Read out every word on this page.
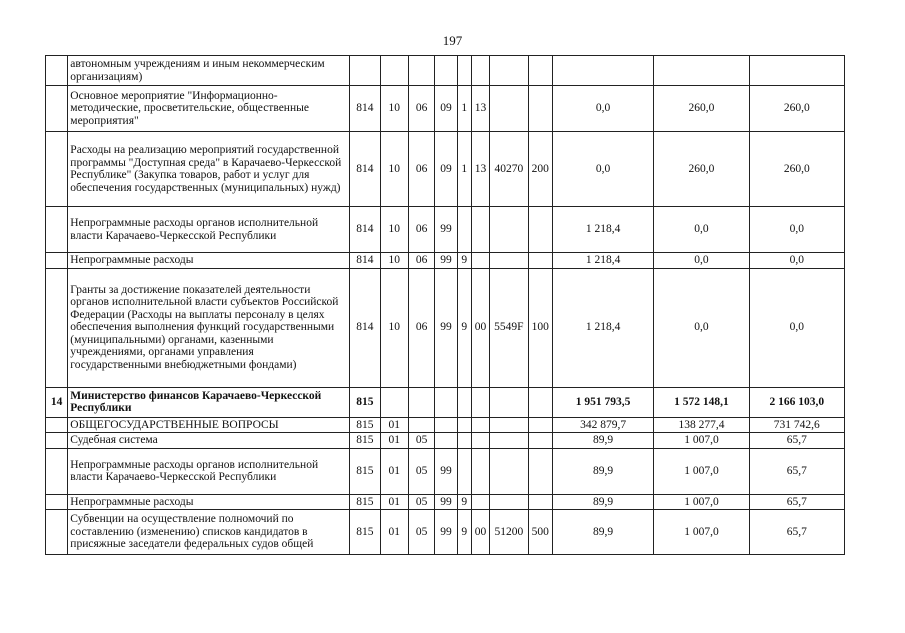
197
	автономным учреждениям и иным некоммерческим организациям)											
	Основное мероприятие "Информационно-методические, просветительские, общественные мероприятия"	814	10	06	09	1	13			0,0	260,0	260,0
	Расходы на реализацию мероприятий государственной программы "Доступная среда" в Карачаево-Черкесской Республике" (Закупка товаров, работ и услуг для обеспечения государственных (муниципальных) нужд)	814	10	06	09	1	13	40270	200	0,0	260,0	260,0
	Непрограммные расходы органов исполнительной власти Карачаево-Черкесской Республики	814	10	06	99					1 218,4	0,0	0,0
	Непрограммные расходы	814	10	06	99	9				1 218,4	0,0	0,0
	Гранты за достижение показателей деятельности органов исполнительной власти субъектов Российской Федерации (Расходы на выплаты персоналу в целях обеспечения выполнения функций государственными (муниципальными) органами, казенными учреждениями, органами управления государственными внебюджетными фондами)	814	10	06	99	9	00	5549F	100	1 218,4	0,0	0,0
14	Министерство финансов Карачаево-Черкесской Республики	815								1 951 793,5	1 572 148,1	2 166 103,0
	ОБЩЕГОСУДАРСТВЕННЫЕ ВОПРОСЫ	815	01							342 879,7	138 277,4	731 742,6
	Судебная система	815	01	05						89,9	1 007,0	65,7
	Непрограммные расходы органов исполнительной власти Карачаево-Черкесской Республики	815	01	05	99					89,9	1 007,0	65,7
	Непрограммные расходы	815	01	05	99	9				89,9	1 007,0	65,7
	Субвенции на осуществление полномочий по составлению (изменению) списков кандидатов в присяжные заседатели федеральных судов общей	815	01	05	99	9	00	51200	500	89,9	1 007,0	65,7
